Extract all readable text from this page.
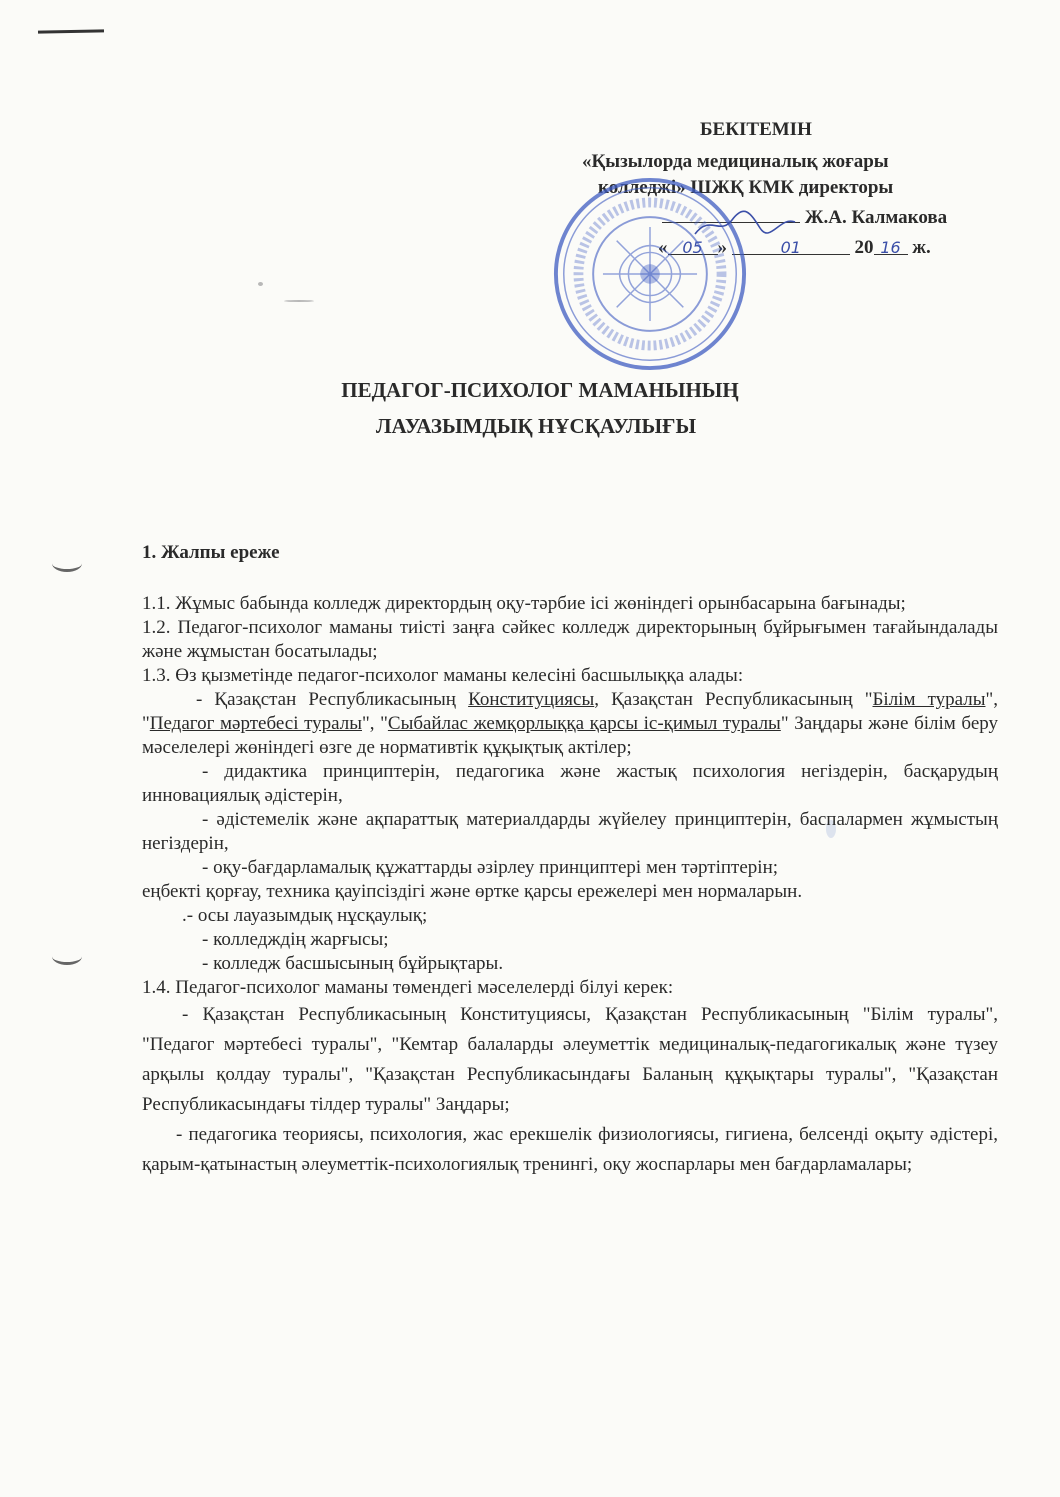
БЕКІТЕМІН
«Қызылорда медициналық жоғары
колледжі» ШЖҚ КМК директоры
Ж.А. Калмакова
« 05 »	01	20 16 ж.
ПЕДАГОГ-ПСИХОЛОГ МАМАНЫНЫҢ
ЛАУАЗЫМДЫҚ НҰСҚАУЛЫҒЫ
1. Жалпы ереже

1.1. Жұмыс бабында колледж директордың оқу-тәрбие ісі жөніндегі орынбасарына бағынады;

1.2. Педагог-психолог маманы тиісті заңға сәйкес колледж директорының бұйрығымен тағайындалады және жұмыстан босатылады;

1.3. Өз қызметінде педагог-психолог маманы келесіні басшылыққа алады:

- Қазақстан Республикасының Конституциясы, Қазақстан Республикасының "Білім туралы", "Педагог мәртебесі туралы", "Сыбайлас жемқорлыққа қарсы іс-қимыл туралы" Заңдары және білім беру мәселелері жөніндегі өзге де нормативтік құқықтық актілер;

- дидактика принциптерін, педагогика және жастық психология негіздерін, басқарудың инновациялық әдістерін,

- әдістемелік және ақпараттық материалдарды жүйелеу принциптерін, баспалармен жұмыстың негіздерін,

- оқу-бағдарламалық құжаттарды әзірлеу принциптері мен тәртіптерін;

еңбекті қорғау, техника қауіпсіздігі және өртке қарсы ережелері мен нормаларын.

.- осы лауазымдық нұсқаулық;

- колледждің жарғысы;

- колледж басшысының бұйрықтары.

1.4. Педагог-психолог маманы төмендегі мәселелерді білуі керек:

- Қазақстан Республикасының Конституциясы, Қазақстан Республикасының "Білім туралы", "Педагог мәртебесі туралы", "Кемтар балаларды әлеуметтік медициналық-педагогикалық және түзеу арқылы қолдау туралы", "Қазақстан Республикасындағы Баланың құқықтары туралы", "Қазақстан Республикасындағы тілдер туралы" Заңдары;

- педагогика теориясы, психология, жас ерекшелік физиологиясы, гигиена, белсенді оқыту әдістері, қарым-қатынастың әлеуметтік-психологиялық тренингі, оқу жоспарлары мен бағдарламалары;
